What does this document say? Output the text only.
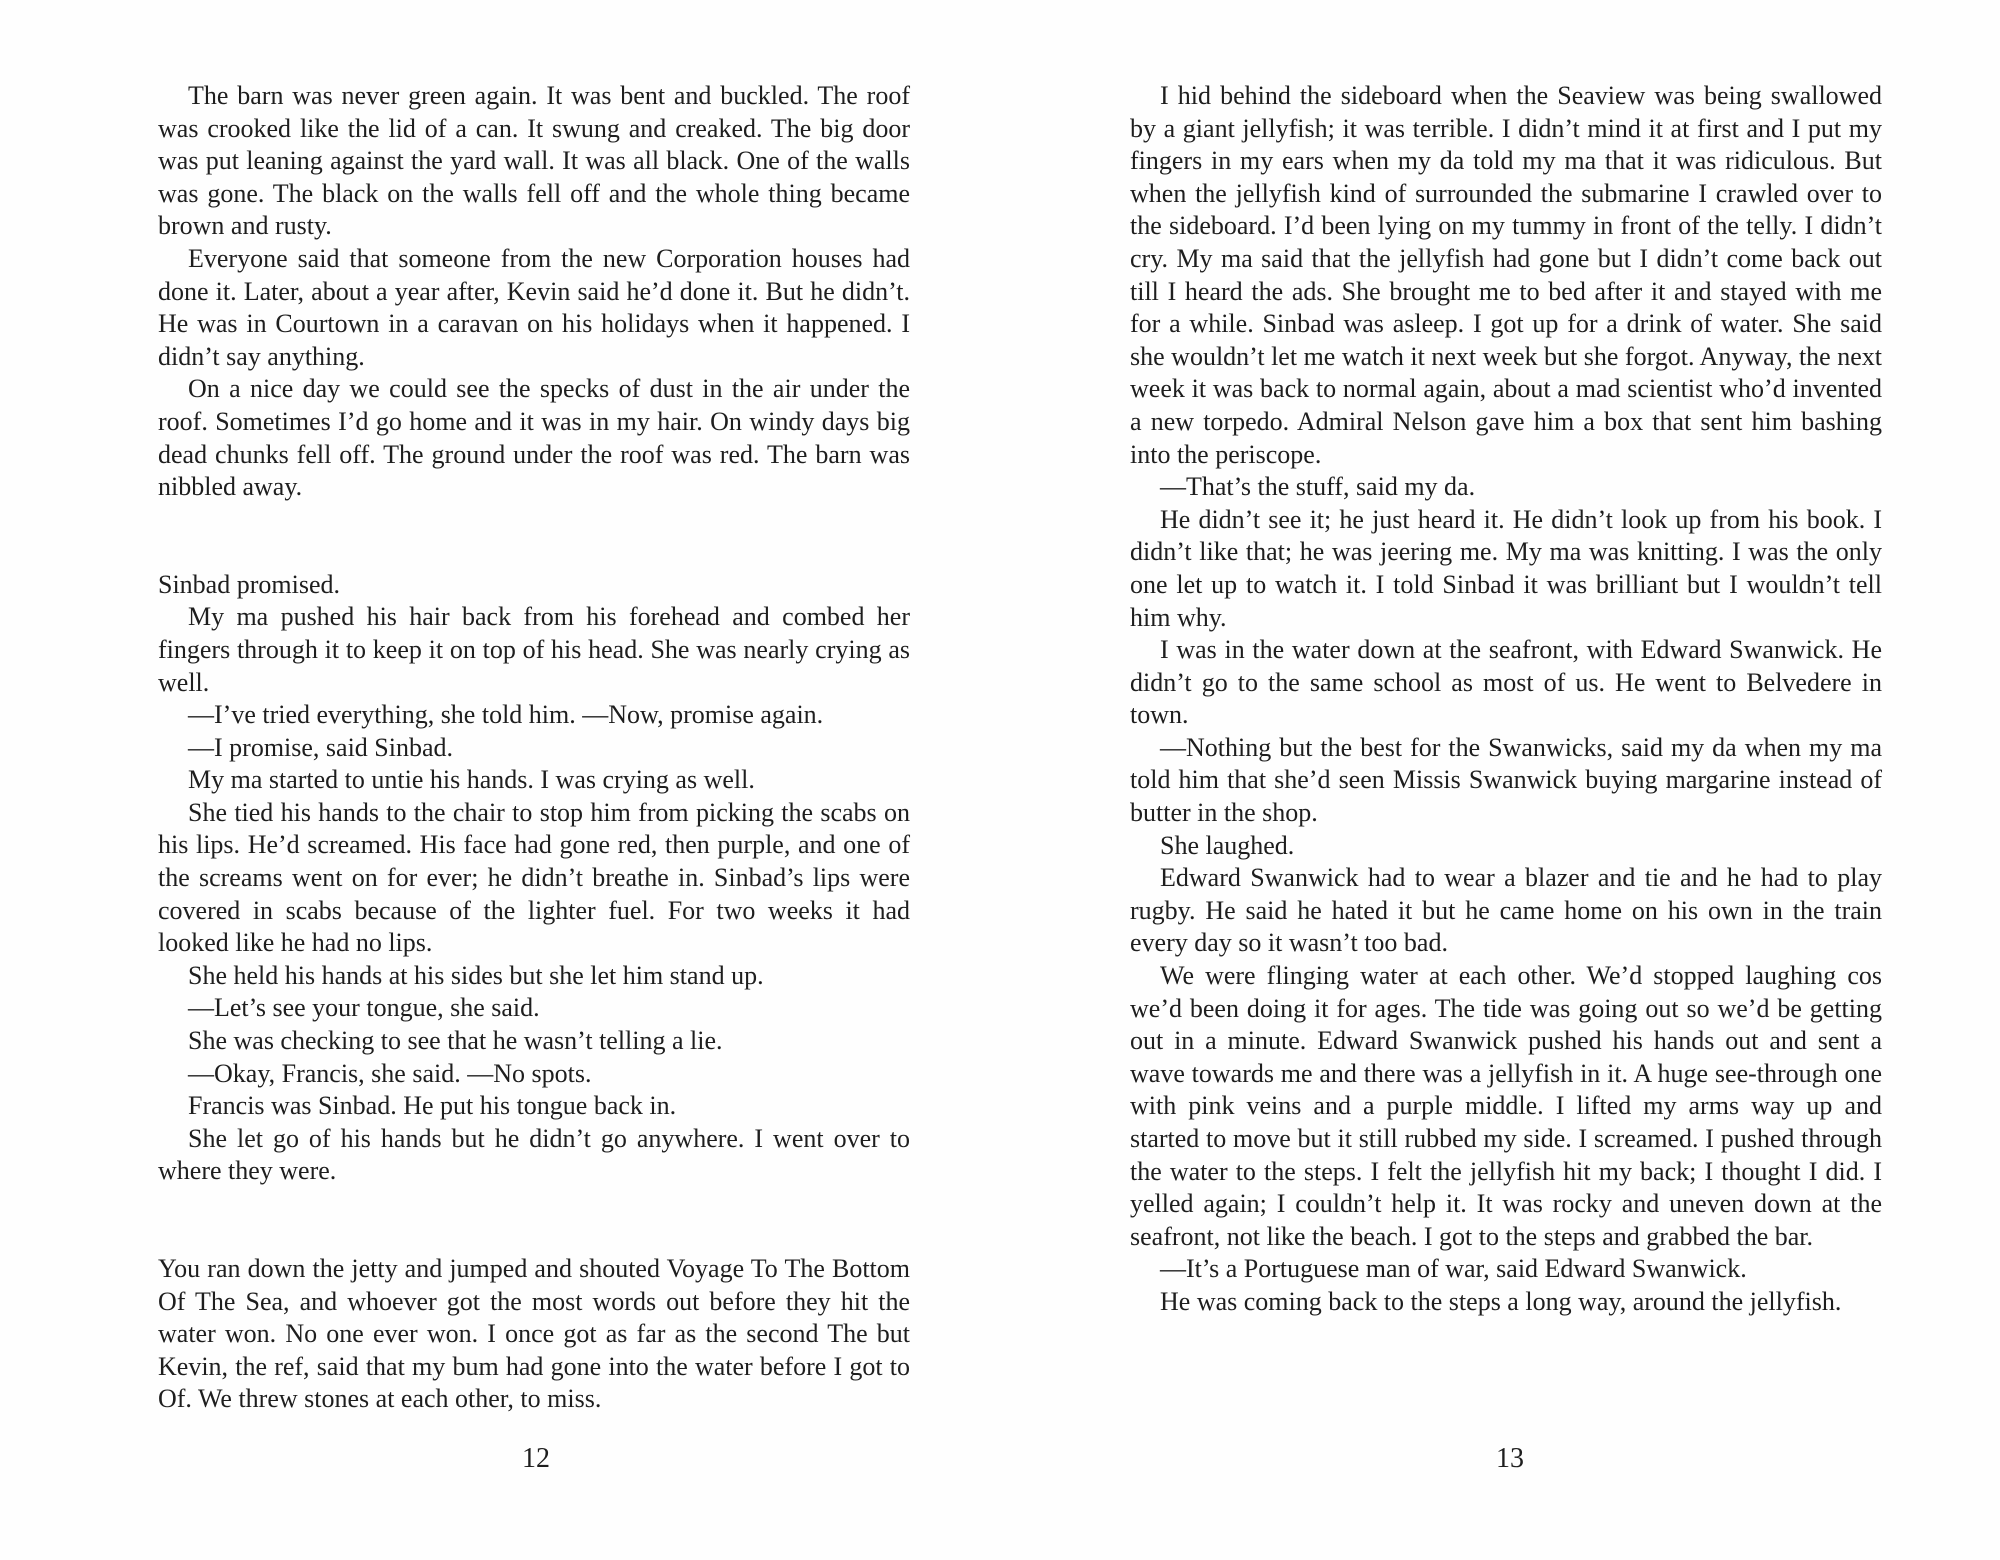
The barn was never green again. It was bent and buckled. The roof was crooked like the lid of a can. It swung and creaked. The big door was put leaning against the yard wall. It was all black. One of the walls was gone. The black on the walls fell off and the whole thing became brown and rusty.

Everyone said that someone from the new Corporation houses had done it. Later, about a year after, Kevin said he’d done it. But he didn’t. He was in Courtown in a caravan on his holidays when it happened. I didn’t say anything.

On a nice day we could see the specks of dust in the air under the roof. Sometimes I’d go home and it was in my hair. On windy days big dead chunks fell off. The ground under the roof was red. The barn was nibbled away.

Sinbad promised.

My ma pushed his hair back from his forehead and combed her fingers through it to keep it on top of his head. She was nearly crying as well.

—I’ve tried everything, she told him. —Now, promise again.

—I promise, said Sinbad.

My ma started to untie his hands. I was crying as well.

She tied his hands to the chair to stop him from picking the scabs on his lips. He’d screamed. His face had gone red, then purple, and one of the screams went on for ever; he didn’t breathe in. Sinbad’s lips were covered in scabs because of the lighter fuel. For two weeks it had looked like he had no lips.

She held his hands at his sides but she let him stand up.

—Let’s see your tongue, she said.

She was checking to see that he wasn’t telling a lie.

—Okay, Francis, she said. —No spots.

Francis was Sinbad. He put his tongue back in.

She let go of his hands but he didn’t go anywhere. I went over to where they were.

You ran down the jetty and jumped and shouted Voyage To The Bottom Of The Sea, and whoever got the most words out before they hit the water won. No one ever won. I once got as far as the second The but Kevin, the ref, said that my bum had gone into the water before I got to Of. We threw stones at each other, to miss.

12

I hid behind the sideboard when the Seaview was being swallowed by a giant jellyfish; it was terrible. I didn’t mind it at first and I put my fingers in my ears when my da told my ma that it was ridiculous. But when the jellyfish kind of surrounded the submarine I crawled over to the sideboard. I’d been lying on my tummy in front of the telly. I didn’t cry. My ma said that the jellyfish had gone but I didn’t come back out till I heard the ads. She brought me to bed after it and stayed with me for a while. Sinbad was asleep. I got up for a drink of water. She said she wouldn’t let me watch it next week but she forgot. Anyway, the next week it was back to normal again, about a mad scientist who’d invented a new torpedo. Admiral Nelson gave him a box that sent him bashing into the periscope.

—That’s the stuff, said my da.

He didn’t see it; he just heard it. He didn’t look up from his book. I didn’t like that; he was jeering me. My ma was knitting. I was the only one let up to watch it. I told Sinbad it was brilliant but I wouldn’t tell him why.

I was in the water down at the seafront, with Edward Swanwick. He didn’t go to the same school as most of us. He went to Belvedere in town.

—Nothing but the best for the Swanwicks, said my da when my ma told him that she’d seen Missis Swanwick buying margarine instead of butter in the shop.

She laughed.

Edward Swanwick had to wear a blazer and tie and he had to play rugby. He said he hated it but he came home on his own in the train every day so it wasn’t too bad.

We were flinging water at each other. We’d stopped laughing cos we’d been doing it for ages. The tide was going out so we’d be getting out in a minute. Edward Swanwick pushed his hands out and sent a wave towards me and there was a jellyfish in it. A huge see-through one with pink veins and a purple middle. I lifted my arms way up and started to move but it still rubbed my side. I screamed. I pushed through the water to the steps. I felt the jellyfish hit my back; I thought I did. I yelled again; I couldn’t help it. It was rocky and uneven down at the seafront, not like the beach. I got to the steps and grabbed the bar.

—It’s a Portuguese man of war, said Edward Swanwick.

He was coming back to the steps a long way, around the jellyfish.

13
